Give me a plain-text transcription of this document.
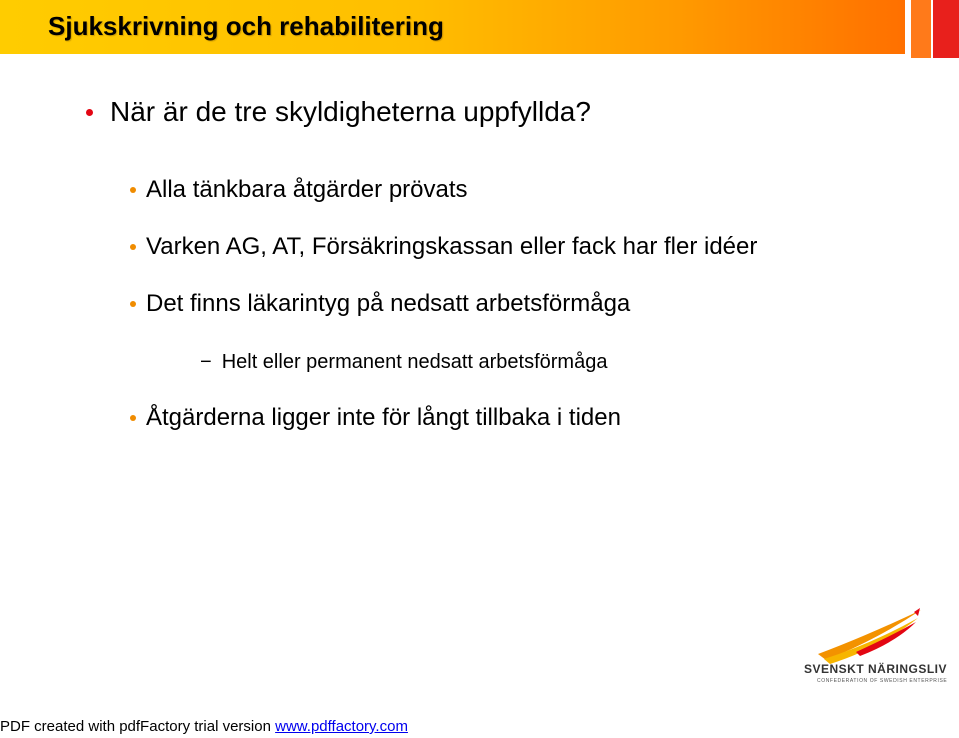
Sjukskrivning och rehabilitering
När är de tre skyldigheterna uppfyllda?
Alla tänkbara åtgärder prövats
Varken AG, AT, Försäkringskassan eller fack har fler idéer
Det finns läkarintyg på nedsatt arbetsförmåga
− Helt eller permanent nedsatt arbetsförmåga
Åtgärderna ligger inte för långt tillbaka i tiden
SVENSKT NÄRINGSLIV
CONFEDERATION OF SWEDISH ENTERPRISE
PDF created with pdfFactory trial version www.pdffactory.com
